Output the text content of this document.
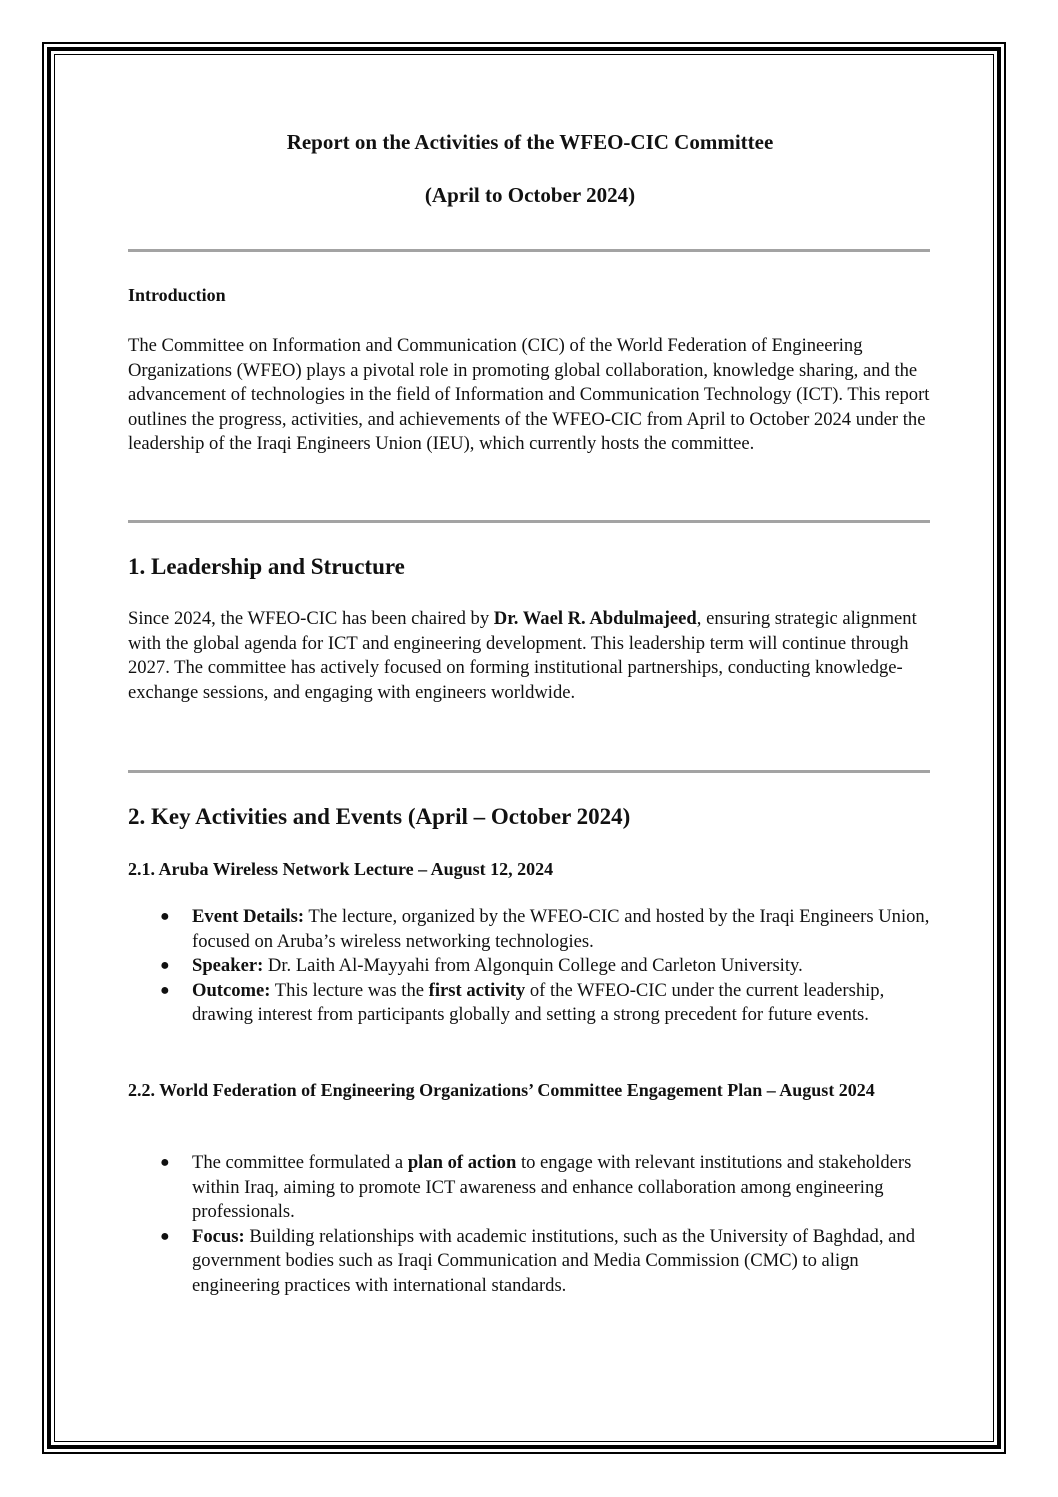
Report on the Activities of the WFEO-CIC Committee
(April to October 2024)
Introduction

The Committee on Information and Communication (CIC) of the World Federation of Engineering Organizations (WFEO) plays a pivotal role in promoting global collaboration, knowledge sharing, and the advancement of technologies in the field of Information and Communication Technology (ICT). This report outlines the progress, activities, and achievements of the WFEO-CIC from April to October 2024 under the leadership of the Iraqi Engineers Union (IEU), which currently hosts the committee.

1. Leadership and Structure

Since 2024, the WFEO-CIC has been chaired by Dr. Wael R. Abdulmajeed, ensuring strategic alignment with the global agenda for ICT and engineering development. This leadership term will continue through 2027. The committee has actively focused on forming institutional partnerships, conducting knowledge-exchange sessions, and engaging with engineers worldwide.

2. Key Activities and Events (April – October 2024)
2.1. Aruba Wireless Network Lecture – August 12, 2024
● Event Details: The lecture, organized by the WFEO-CIC and hosted by the Iraqi Engineers Union, focused on Aruba’s wireless networking technologies.
● Speaker: Dr. Laith Al-Mayyahi from Algonquin College and Carleton University.
● Outcome: This lecture was the first activity of the WFEO-CIC under the current leadership, drawing interest from participants globally and setting a strong precedent for future events.
2.2. World Federation of Engineering Organizations’ Committee Engagement Plan – August 2024
● The committee formulated a plan of action to engage with relevant institutions and stakeholders within Iraq, aiming to promote ICT awareness and enhance collaboration among engineering professionals.
● Focus: Building relationships with academic institutions, such as the University of Baghdad, and government bodies such as Iraqi Communication and Media Commission (CMC) to align engineering practices with international standards.
